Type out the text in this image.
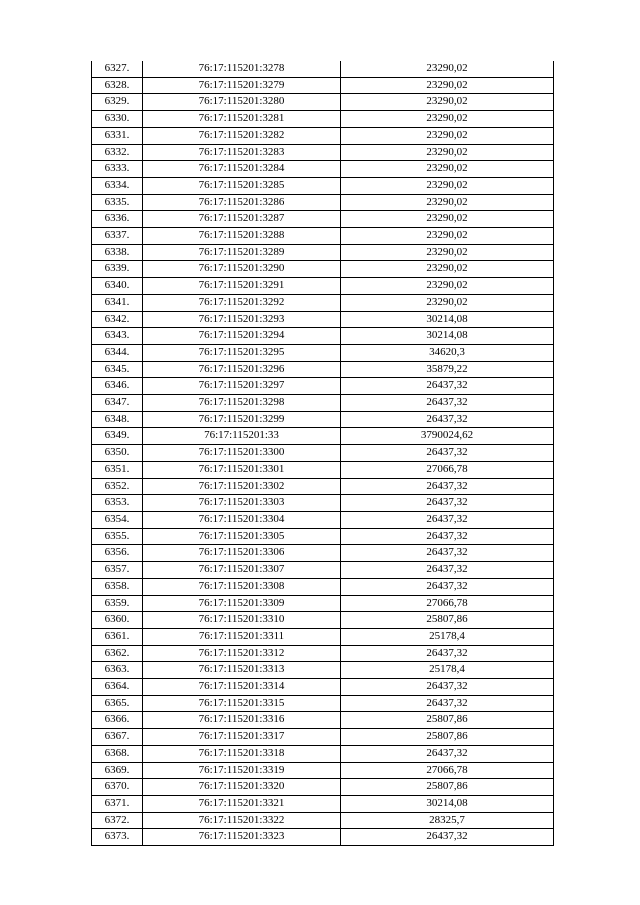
6327.	76:17:115201:3278	23290,02
6328.	76:17:115201:3279	23290,02
6329.	76:17:115201:3280	23290,02
6330.	76:17:115201:3281	23290,02
6331.	76:17:115201:3282	23290,02
6332.	76:17:115201:3283	23290,02
6333.	76:17:115201:3284	23290,02
6334.	76:17:115201:3285	23290,02
6335.	76:17:115201:3286	23290,02
6336.	76:17:115201:3287	23290,02
6337.	76:17:115201:3288	23290,02
6338.	76:17:115201:3289	23290,02
6339.	76:17:115201:3290	23290,02
6340.	76:17:115201:3291	23290,02
6341.	76:17:115201:3292	23290,02
6342.	76:17:115201:3293	30214,08
6343.	76:17:115201:3294	30214,08
6344.	76:17:115201:3295	34620,3
6345.	76:17:115201:3296	35879,22
6346.	76:17:115201:3297	26437,32
6347.	76:17:115201:3298	26437,32
6348.	76:17:115201:3299	26437,32
6349.	76:17:115201:33	3790024,62
6350.	76:17:115201:3300	26437,32
6351.	76:17:115201:3301	27066,78
6352.	76:17:115201:3302	26437,32
6353.	76:17:115201:3303	26437,32
6354.	76:17:115201:3304	26437,32
6355.	76:17:115201:3305	26437,32
6356.	76:17:115201:3306	26437,32
6357.	76:17:115201:3307	26437,32
6358.	76:17:115201:3308	26437,32
6359.	76:17:115201:3309	27066,78
6360.	76:17:115201:3310	25807,86
6361.	76:17:115201:3311	25178,4
6362.	76:17:115201:3312	26437,32
6363.	76:17:115201:3313	25178,4
6364.	76:17:115201:3314	26437,32
6365.	76:17:115201:3315	26437,32
6366.	76:17:115201:3316	25807,86
6367.	76:17:115201:3317	25807,86
6368.	76:17:115201:3318	26437,32
6369.	76:17:115201:3319	27066,78
6370.	76:17:115201:3320	25807,86
6371.	76:17:115201:3321	30214,08
6372.	76:17:115201:3322	28325,7
6373.	76:17:115201:3323	26437,32
